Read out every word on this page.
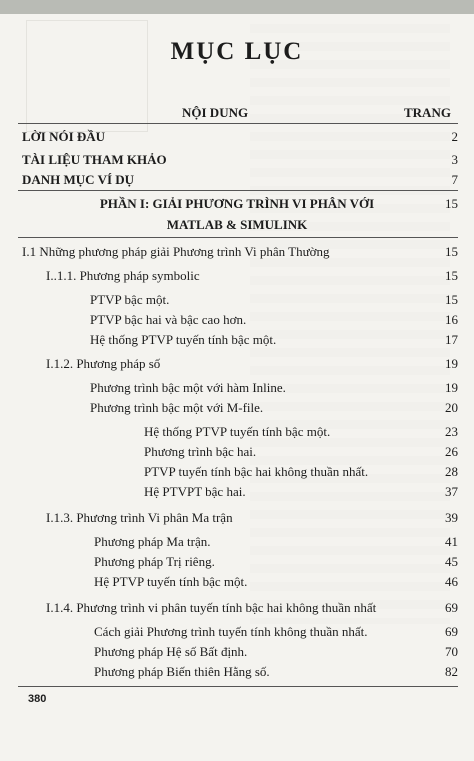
MỤC LỤC
NỘI DUNG	TRANG
LỜI NÓI ĐẦU	2
TÀI LIỆU THAM KHẢO	3
DANH MỤC VÍ DỤ	7
PHẦN I: GIẢI PHƯƠNG TRÌNH VI PHÂN VỚI	15
MATLAB & SIMULINK
I.1 Những phương pháp giải Phương trình Vi phân Thường	15
I..1.1. Phương pháp symbolic	15
PTVP bậc một.	15
PTVP bậc hai và bậc cao hơn.	16
Hệ thống PTVP tuyến tính bậc một.	17
I.1.2. Phương pháp số	19
Phương trình bậc một với hàm Inline.	19
Phương trình bậc một với M-file.	20
Hệ thống PTVP tuyến tính bậc một.	23
Phương trình bậc hai.	26
PTVP tuyến tính bậc hai không thuần nhất.	28
Hệ PTVPT bậc hai.	37
I.1.3. Phương trình Vi phân Ma trận	39
Phương pháp Ma trận.	41
Phương pháp Trị riêng.	45
Hệ PTVP tuyến tính bậc một.	46
I.1.4. Phương trình vi phân tuyến tính bậc hai không thuần nhất	69
Cách giải Phương trình tuyến tính không thuần nhất.	69
Phương pháp Hệ số Bất định.	70
Phương pháp Biến thiên Hằng số.	82
380
